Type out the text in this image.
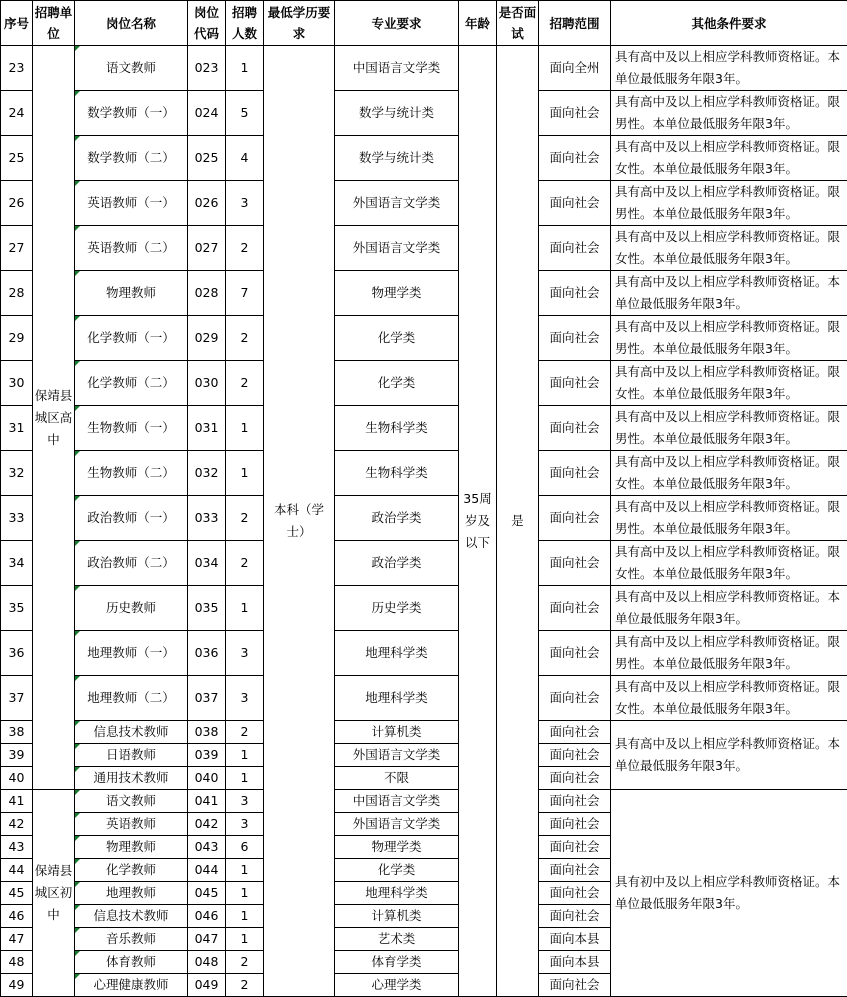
序号	招聘单位	岗位名称	岗位代码	招聘人数	最低学历要求	专业要求	年龄	是否面试	招聘范围	其他条件要求
23	保靖县城区高中	语文教师	023	1	本科（学士）	中国语言文学类	35周岁及以下	是	面向全州	具有高中及以上相应学科教师资格证。本单位最低服务年限3年。
24		数学教师（一）	024	5		数学与统计类			面向社会	具有高中及以上相应学科教师资格证。限男性。本单位最低服务年限3年。
25		数学教师（二）	025	4		数学与统计类			面向社会	具有高中及以上相应学科教师资格证。限女性。本单位最低服务年限3年。
26		英语教师（一）	026	3		外国语言文学类			面向社会	具有高中及以上相应学科教师资格证。限男性。本单位最低服务年限3年。
27		英语教师（二）	027	2		外国语言文学类			面向社会	具有高中及以上相应学科教师资格证。限女性。本单位最低服务年限3年。
28		物理教师	028	7		物理学类			面向社会	具有高中及以上相应学科教师资格证。本单位最低服务年限3年。
29		化学教师（一）	029	2		化学类			面向社会	具有高中及以上相应学科教师资格证。限男性。本单位最低服务年限3年。
30		化学教师（二）	030	2		化学类			面向社会	具有高中及以上相应学科教师资格证。限女性。本单位最低服务年限3年。
31		生物教师（一）	031	1		生物科学类			面向社会	具有高中及以上相应学科教师资格证。限男性。本单位最低服务年限3年。
32		生物教师（二）	032	1		生物科学类			面向社会	具有高中及以上相应学科教师资格证。限女性。本单位最低服务年限3年。
33		政治教师（一）	033	2		政治学类			面向社会	具有高中及以上相应学科教师资格证。限男性。本单位最低服务年限3年。
34		政治教师（二）	034	2		政治学类			面向社会	具有高中及以上相应学科教师资格证。限女性。本单位最低服务年限3年。
35		历史教师	035	1		历史学类			面向社会	具有高中及以上相应学科教师资格证。本单位最低服务年限3年。
36		地理教师（一）	036	3		地理科学类			面向社会	具有高中及以上相应学科教师资格证。限男性。本单位最低服务年限3年。
37		地理教师（二）	037	3		地理科学类			面向社会	具有高中及以上相应学科教师资格证。限女性。本单位最低服务年限3年。
38		信息技术教师	038	2		计算机类			面向社会	具有高中及以上相应学科教师资格证。本单位最低服务年限3年。
39		日语教师	039	1		外国语言文学类			面向社会	
40		通用技术教师	040	1		不限			面向社会	
41	保靖县城区初中	语文教师	041	3		中国语言文学类			面向社会	具有初中及以上相应学科教师资格证。本单位最低服务年限3年。
42		英语教师	042	3		外国语言文学类			面向社会	
43		物理教师	043	6		物理学类			面向社会	
44		化学教师	044	1		化学类			面向社会	
45		地理教师	045	1		地理科学类			面向社会	
46		信息技术教师	046	1		计算机类			面向社会	
47		音乐教师	047	1		艺术类			面向本县	
48		体育教师	048	2		体育学类			面向本县	
49		心理健康教师	049	2		心理学类			面向社会	
